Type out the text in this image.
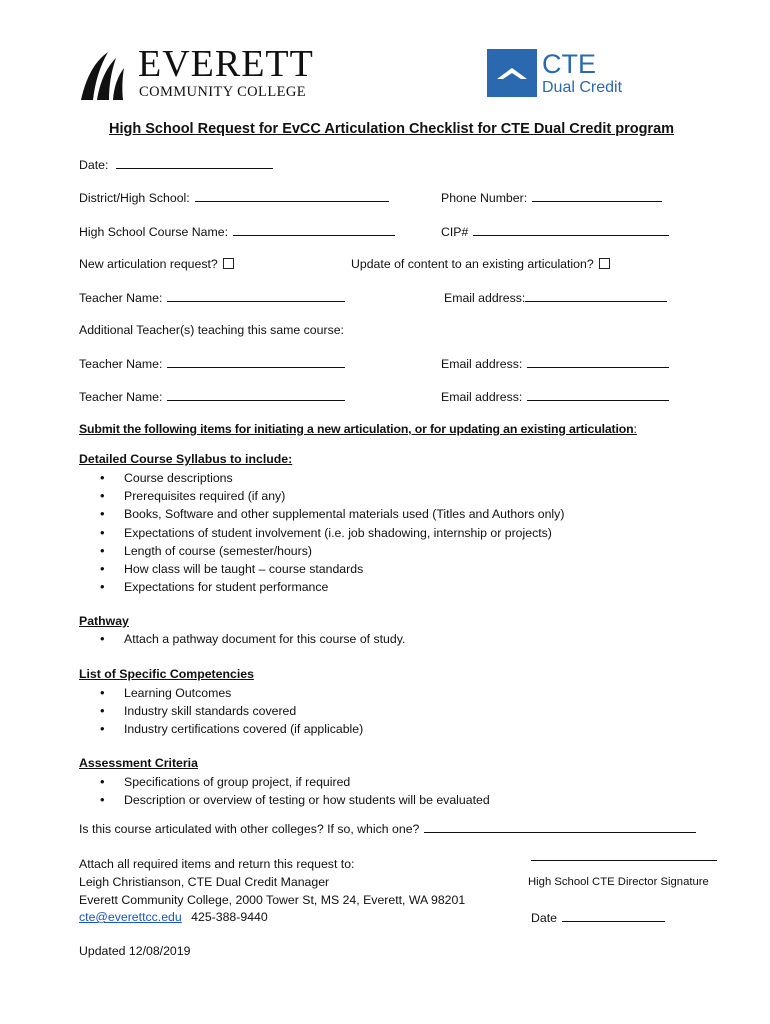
EVERETT
COMMUNITY COLLEGE
CTE
Dual Credit
High School Request for EvCC Articulation Checklist for CTE Dual Credit program
Date:
District/High School:	Phone Number:
High School Course Name:	CIP#
New articulation request?	Update of content to an existing articulation?
Teacher Name:	Email address:
Additional Teacher(s) teaching this same course:
Teacher Name:	Email address:
Teacher Name:	Email address:
Submit the following items for initiating a new articulation, or for updating an existing articulation:
Detailed Course Syllabus to include:
• Course descriptions
• Prerequisites required (if any)
• Books, Software and other supplemental materials used (Titles and Authors only)
• Expectations of student involvement (i.e. job shadowing, internship or projects)
• Length of course (semester/hours)
• How class will be taught – course standards
• Expectations for student performance
Pathway
• Attach a pathway document for this course of study.
List of Specific Competencies
• Learning Outcomes
• Industry skill standards covered
• Industry certifications covered (if applicable)
Assessment Criteria
• Specifications of group project, if required
• Description or overview of testing or how students will be evaluated
Is this course articulated with other colleges? If so, which one?
Attach all required items and return this request to:
Leigh Christianson, CTE Dual Credit Manager
Everett Community College, 2000 Tower St, MS 24, Everett, WA 98201
cte@everettcc.edu 425-388-9440
High School CTE Director Signature
Date
Updated 12/08/2019
